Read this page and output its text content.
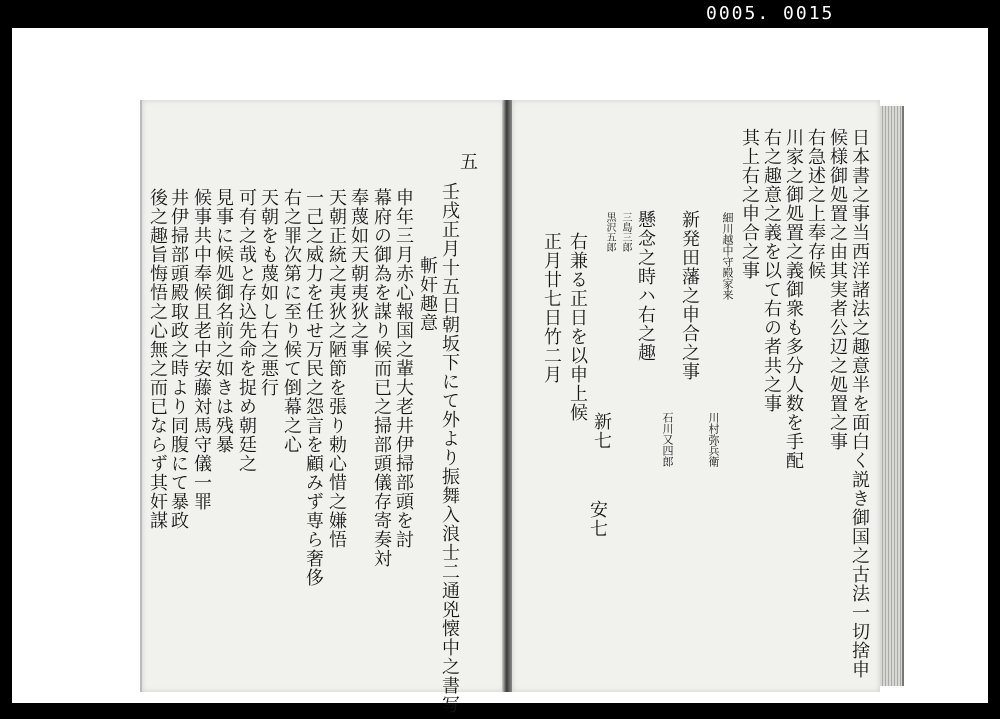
0005. 0015
五
壬戌正月十五日朝坂下にて外より振舞入浪士二通兇懐中之書写
斬奸趣意
申年三月赤心報国之輩大老井伊掃部頭を討
幕府の御為を謀り候而已之掃部頭儀存寄奏対
奉蔑如天朝夷狄之事
天朝正統之夷狄之陋節を張り勅心惜之嫌悟
一己之威力を任せ万民之怨言を顧みず専ら奢侈
右之罪次第に至り候て倒幕之心
天朝をも蔑如し右之悪行
可有之哉と存込先命を捉め朝廷之
見事に候処御名前之如きは残暴
候事共中奉候且老中安藤対馬守儀一罪
井伊掃部頭殿取政之時より同腹にて暴政
後之趣旨悔悟之心無之而已ならず其奸謀	日本書之事当西洋諸法之趣意半を面白く説き御国之古法一切捨申
候様御処置之由其実者公辺之処置之事
右急述之上奉存候
川家之御処置之義御衆も多分人数を手配
右之趣意之義を以て右の者共之事
其上右之申合之事
新発田藩之申合之事
懸念之時ハ右之趣
右兼る正日を以申上候
正月廿七日竹二月	細川越中守殿家来
川村弥兵衛
石川又四郎
三島三郎
黒沢五郎
新七
安七
